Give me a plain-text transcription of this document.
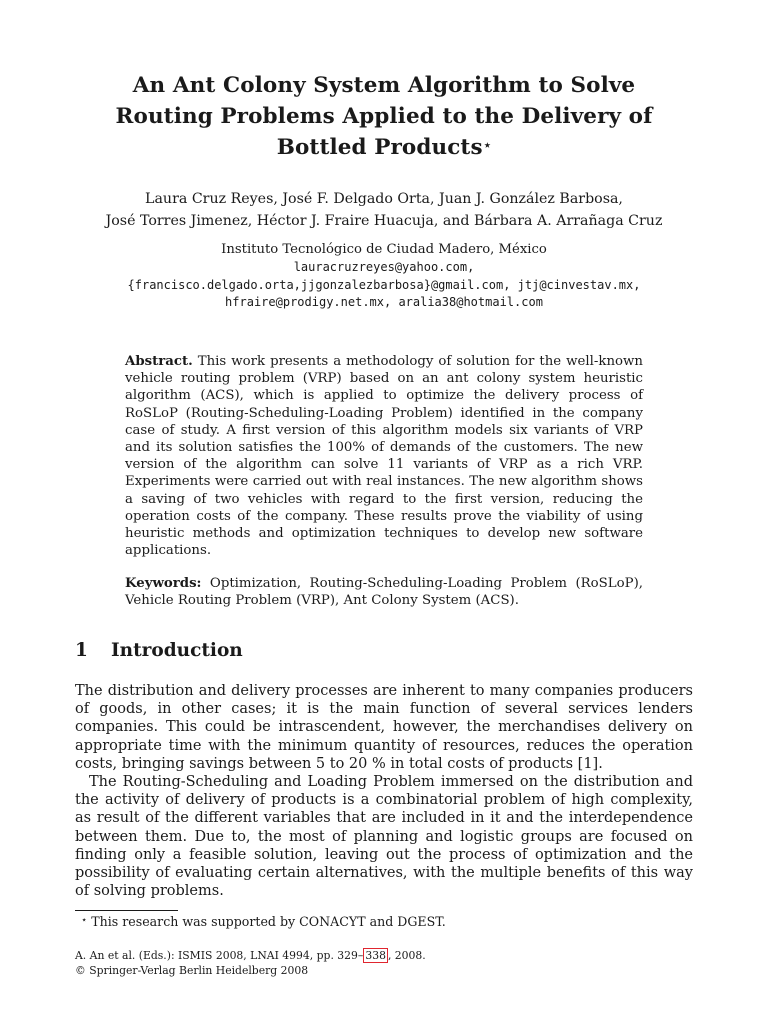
An Ant Colony System Algorithm to Solve
Routing Problems Applied to the Delivery of
Bottled Products⋆
Laura Cruz Reyes, José F. Delgado Orta, Juan J. González Barbosa,
José Torres Jimenez, Héctor J. Fraire Huacuja, and Bárbara A. Arrañaga Cruz
Instituto Tecnológico de Ciudad Madero, México
lauracruzreyes@yahoo.com,
{francisco.delgado.orta,jjgonzalezbarbosa}@gmail.com, jtj@cinvestav.mx,
hfraire@prodigy.net.mx, aralia38@hotmail.com
Abstract. This work presents a methodology of solution for the well-known vehicle routing problem (VRP) based on an ant colony system heuristic algorithm (ACS), which is applied to optimize the delivery process of RoSLoP (Routing-Scheduling-Loading Problem) identified in the company case of study. A first version of this algorithm models six variants of VRP and its solution satisfies the 100% of demands of the customers. The new version of the algorithm can solve 11 variants of VRP as a rich VRP. Experiments were carried out with real instances. The new algorithm shows a saving of two vehicles with regard to the first version, reducing the operation costs of the company. These results prove the viability of using heuristic methods and optimization techniques to develop new software applications.
Keywords: Optimization, Routing-Scheduling-Loading Problem (RoSLoP), Vehicle Routing Problem (VRP), Ant Colony System (ACS).
1 Introduction

The distribution and delivery processes are inherent to many companies producers of goods, in other cases; it is the main function of several services lenders companies. This could be intrascendent, however, the merchandises delivery on appropriate time with the minimum quantity of resources, reduces the operation costs, bringing savings between 5 to 20 % in total costs of products [1].

The Routing-Scheduling and Loading Problem immersed on the distribution and the activity of delivery of products is a combinatorial problem of high complexity, as result of the different variables that are included in it and the interdependence between them. Due to, the most of planning and logistic groups are focused on finding only a feasible solution, leaving out the process of optimization and the possibility of evaluating certain alternatives, with the multiple benefits of this way of solving problems.

⋆ This research was supported by CONACYT and DGEST.
A. An et al. (Eds.): ISMIS 2008, LNAI 4994, pp. 329– 338 , 2008.
© Springer-Verlag Berlin Heidelberg 2008
